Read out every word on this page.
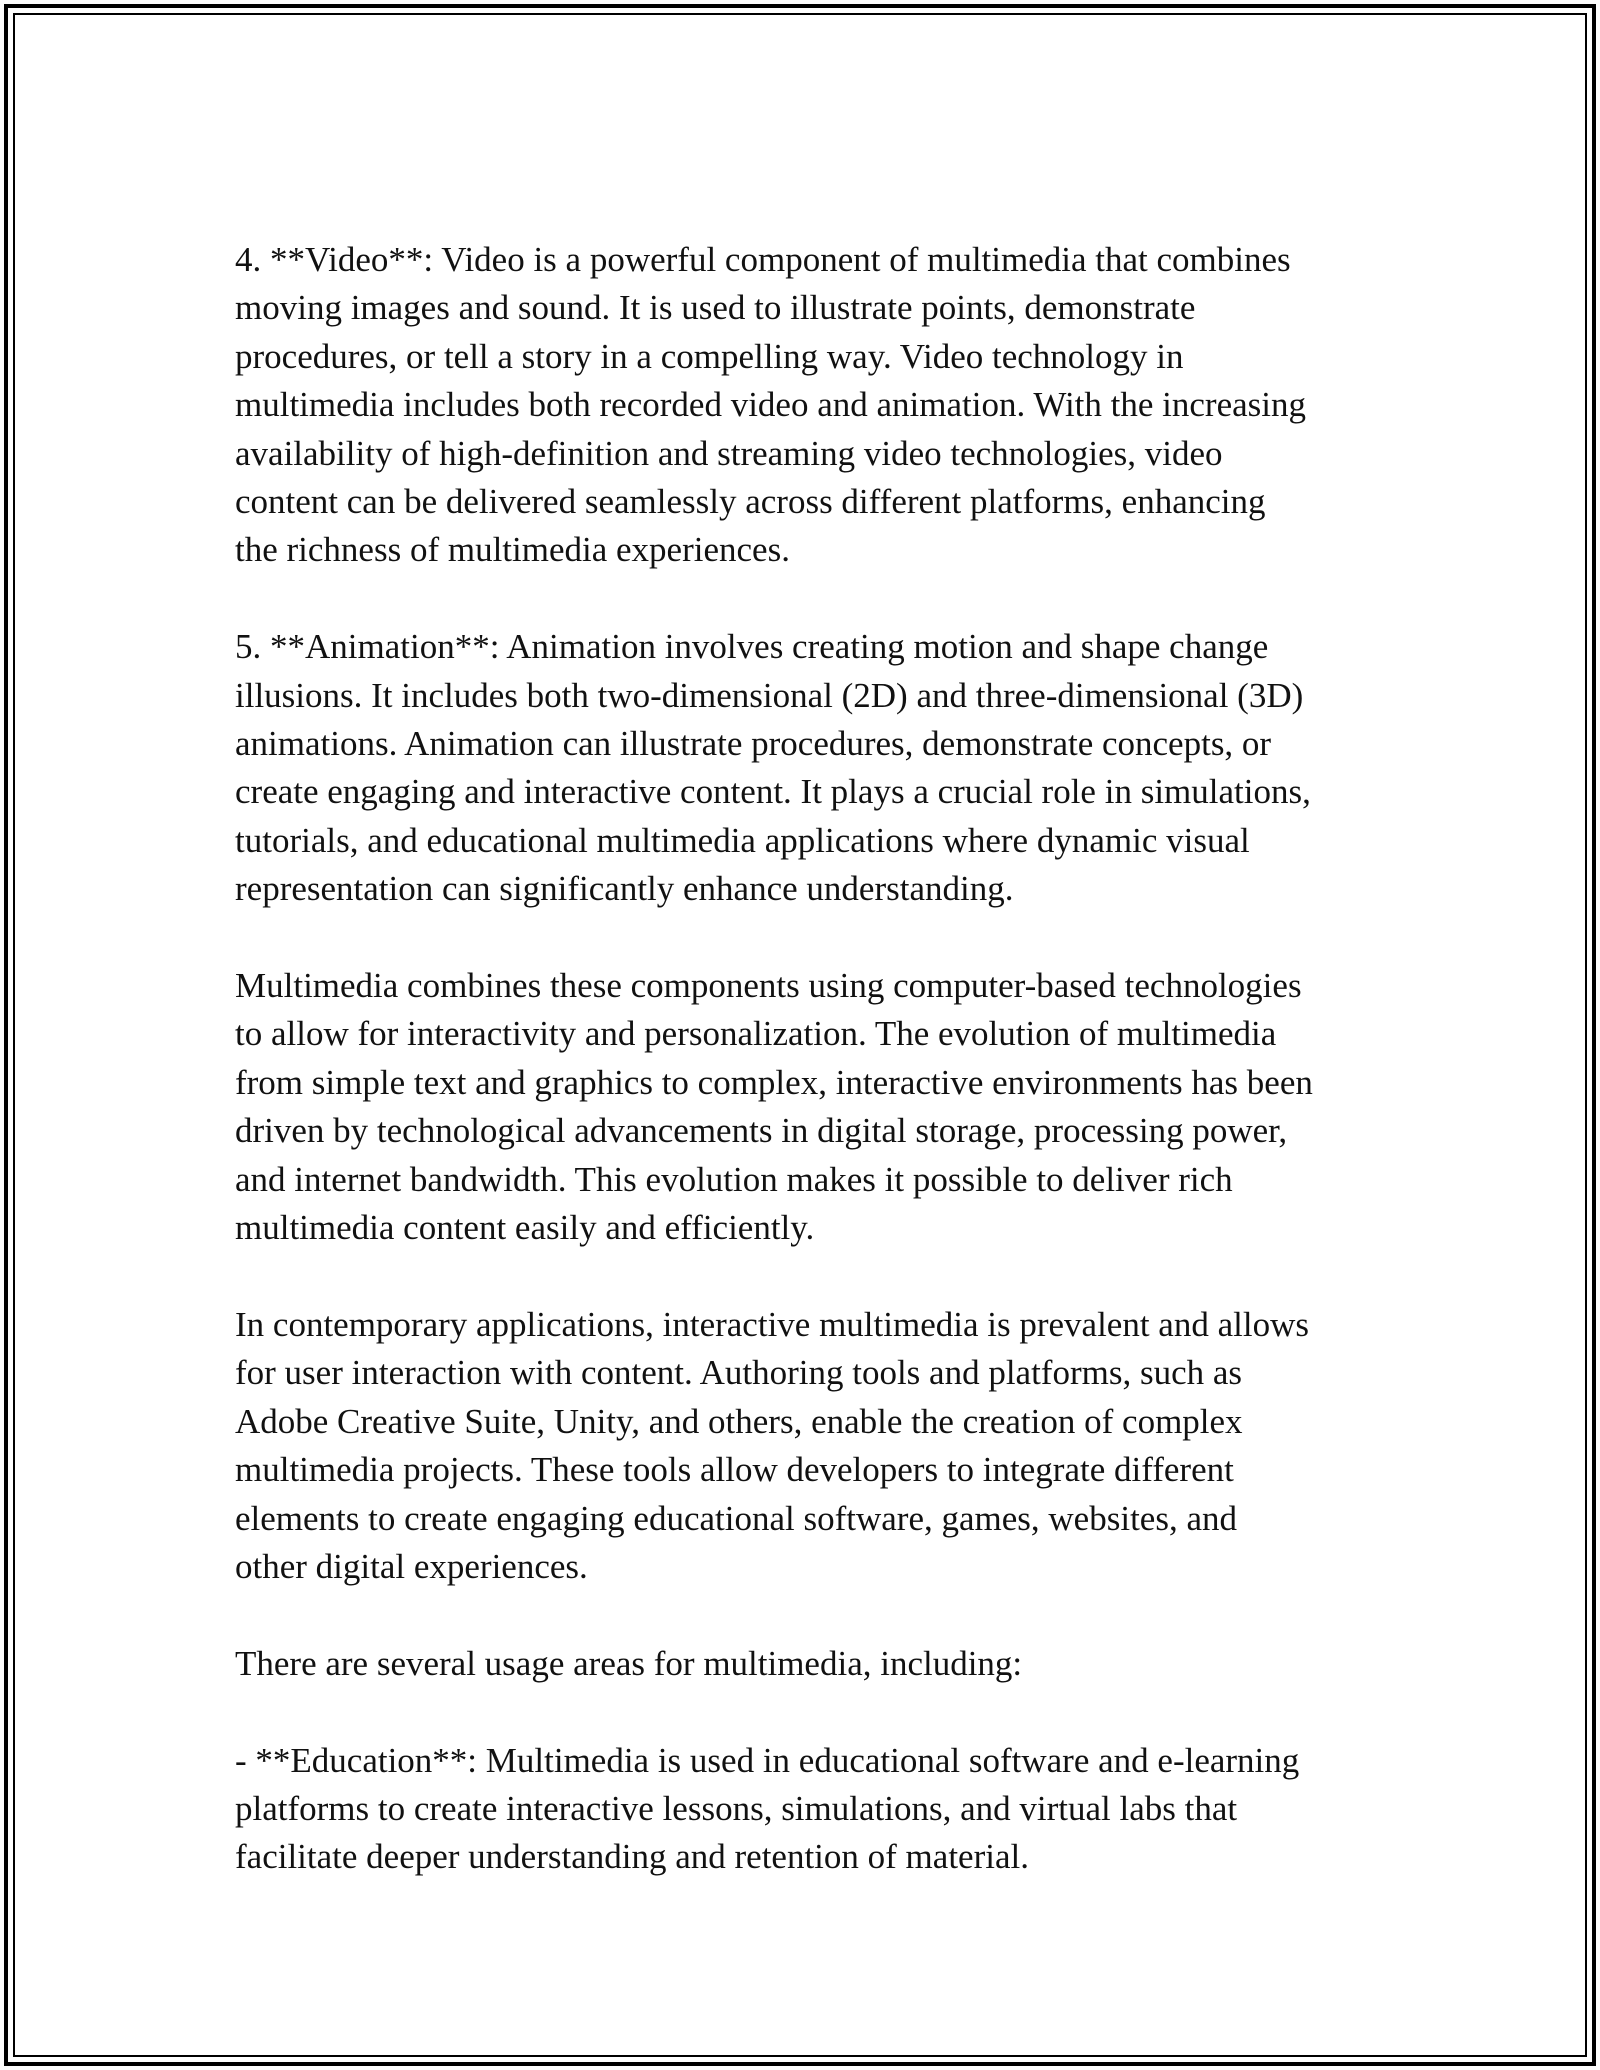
4. **Video**: Video is a powerful component of multimedia that combines
moving images and sound. It is used to illustrate points, demonstrate
procedures, or tell a story in a compelling way. Video technology in
multimedia includes both recorded video and animation. With the increasing
availability of high-definition and streaming video technologies, video
content can be delivered seamlessly across different platforms, enhancing
the richness of multimedia experiences.

5. **Animation**: Animation involves creating motion and shape change
illusions. It includes both two-dimensional (2D) and three-dimensional (3D)
animations. Animation can illustrate procedures, demonstrate concepts, or
create engaging and interactive content. It plays a crucial role in simulations,
tutorials, and educational multimedia applications where dynamic visual
representation can significantly enhance understanding.

Multimedia combines these components using computer-based technologies
to allow for interactivity and personalization. The evolution of multimedia
from simple text and graphics to complex, interactive environments has been
driven by technological advancements in digital storage, processing power,
and internet bandwidth. This evolution makes it possible to deliver rich
multimedia content easily and efficiently.

In contemporary applications, interactive multimedia is prevalent and allows
for user interaction with content. Authoring tools and platforms, such as
Adobe Creative Suite, Unity, and others, enable the creation of complex
multimedia projects. These tools allow developers to integrate different
elements to create engaging educational software, games, websites, and
other digital experiences.

There are several usage areas for multimedia, including:

- **Education**: Multimedia is used in educational software and e-learning
platforms to create interactive lessons, simulations, and virtual labs that
facilitate deeper understanding and retention of material.
